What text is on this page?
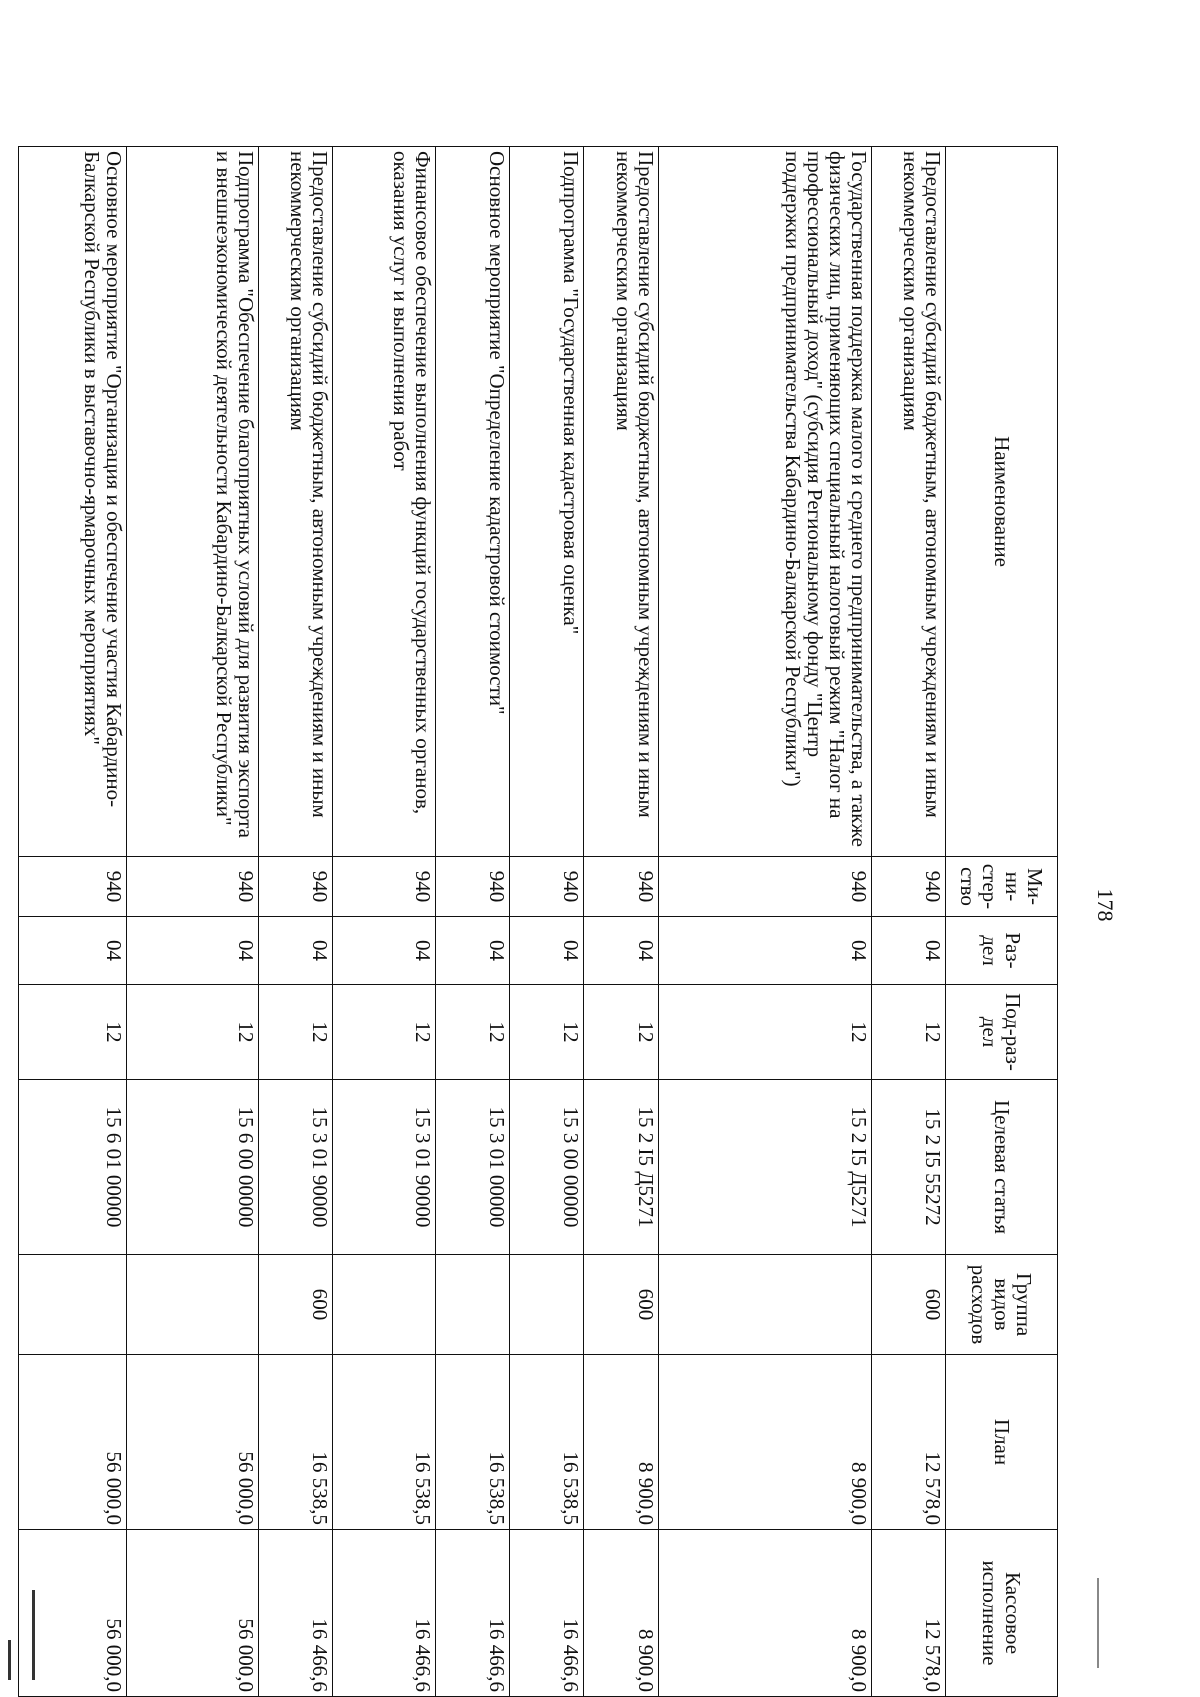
178
Наименование	Ми-ни-стер-ство	Раз-дел	Под-раз-дел	Целевая статья	Группа видов расходов	План	Кассовое исполнение
Предоставление субсидий бюджетным, автономным учреждениям и иным некоммерческим организациям	940	04	12	15 2 I5 55272	600	12 578,0	12 578,0
Государственная поддержка малого и среднего предпринимательства, а также физических лиц, применяющих специальный налоговый режим "Налог на профессиональный доход" (субсидия Региональному фонду "Центр поддержки предпринимательства Кабардино-Балкарской Республики")	940	04	12	15 2 I5 Д5271		8 900,0	8 900,0
Предоставление субсидий бюджетным, автономным учреждениям и иным некоммерческим организациям	940	04	12	15 2 I5 Д5271	600	8 900,0	8 900,0
Подпрограмма "Государственная кадастровая оценка"	940	04	12	15 3 00 00000		16 538,5	16 466,6
Основное мероприятие "Определение кадастровой стоимости"	940	04	12	15 3 01 00000		16 538,5	16 466,6
Финансовое обеспечение выполнения функций государственных органов, оказания услуг и выполнения работ	940	04	12	15 3 01 90000		16 538,5	16 466,6
Предоставление субсидий бюджетным, автономным учреждениям и иным некоммерческим организациям	940	04	12	15 3 01 90000	600	16 538,5	16 466,6
Подпрограмма "Обеспечение благоприятных условий для развития экспорта и внешнеэкономической деятельности Кабардино-Балкарской Республики"	940	04	12	15 6 00 00000		56 000,0	56 000,0
Основное мероприятие "Организация и обеспечение участия Кабардино-Балкарской Республики в выставочно-ярмарочных мероприятиях"	940	04	12	15 6 01 00000		56 000,0	56 000,0
